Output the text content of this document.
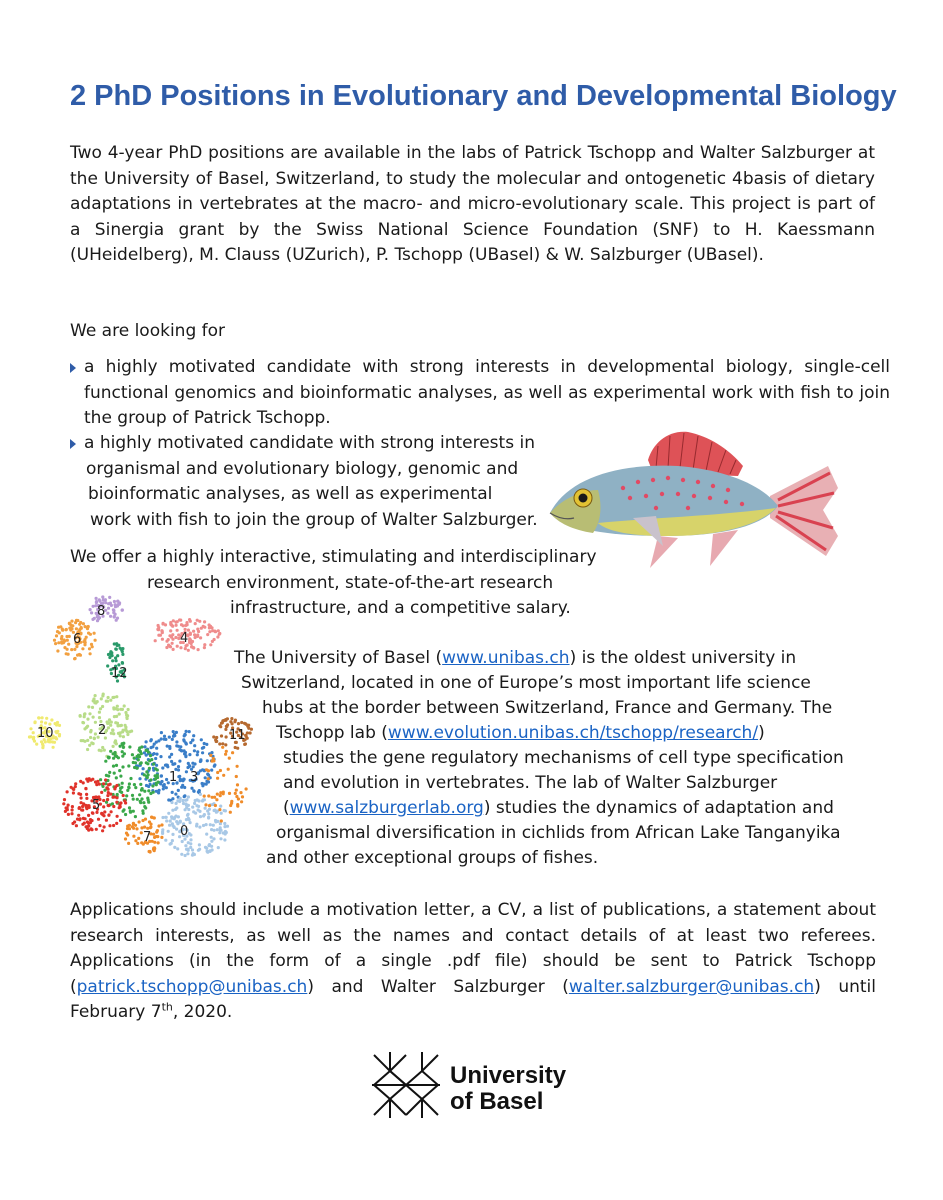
2 PhD Positions in Evolutionary and Developmental Biology

Two 4-year PhD positions are available in the labs of Patrick Tschopp and Walter Salzburger at the University of Basel, Switzerland, to study the molecular and ontogenetic 4basis of dietary adaptations in vertebrates at the macro- and micro-evolutionary scale. This project is part of a Sinergia grant by the Swiss National Science Foundation (SNF) to H. Kaessmann (UHeidelberg), M. Clauss (UZurich), P. Tschopp (UBasel) & W. Salzburger (UBasel).

We are looking for

a highly motivated candidate with strong interests in developmental biology, single-cell functional genomics and bioinformatic analyses, as well as experimental work with fish to join the group of Patrick Tschopp.
a highly motivated candidate with strong interests in
organismal and evolutionary biology, genomic and
bioinformatic analyses, as well as experimental
work with fish to join the group of Walter Salzburger.
We offer a highly interactive, stimulating and interdisciplinary
research environment, state-of-the-art research
infrastructure, and a competitive salary.
The University of Basel (www.unibas.ch) is the oldest university in
Switzerland, located in one of Europe’s most important life science
hubs at the border between Switzerland, France and Germany. The
Tschopp lab (www.evolution.unibas.ch/tschopp/research/)
studies the gene regulatory mechanisms of cell type specification
and evolution in vertebrates. The lab of Walter Salzburger
(www.salzburgerlab.org) studies the dynamics of adaptation and
organismal diversification in cichlids from African Lake Tanganyika
and other exceptional groups of fishes.

Applications should include a motivation letter, a CV, a list of publications, a statement about research interests, as well as the names and contact details of at least two referees. Applications (in the form of a single .pdf file) should be sent to Patrick Tschopp (patrick.tschopp@unibas.ch) and Walter Salzburger (walter.salzburger@unibas.ch) until February 7th, 2020.

8
4
6
12
10	2	11
1 3
5
7 0

University
of Basel
